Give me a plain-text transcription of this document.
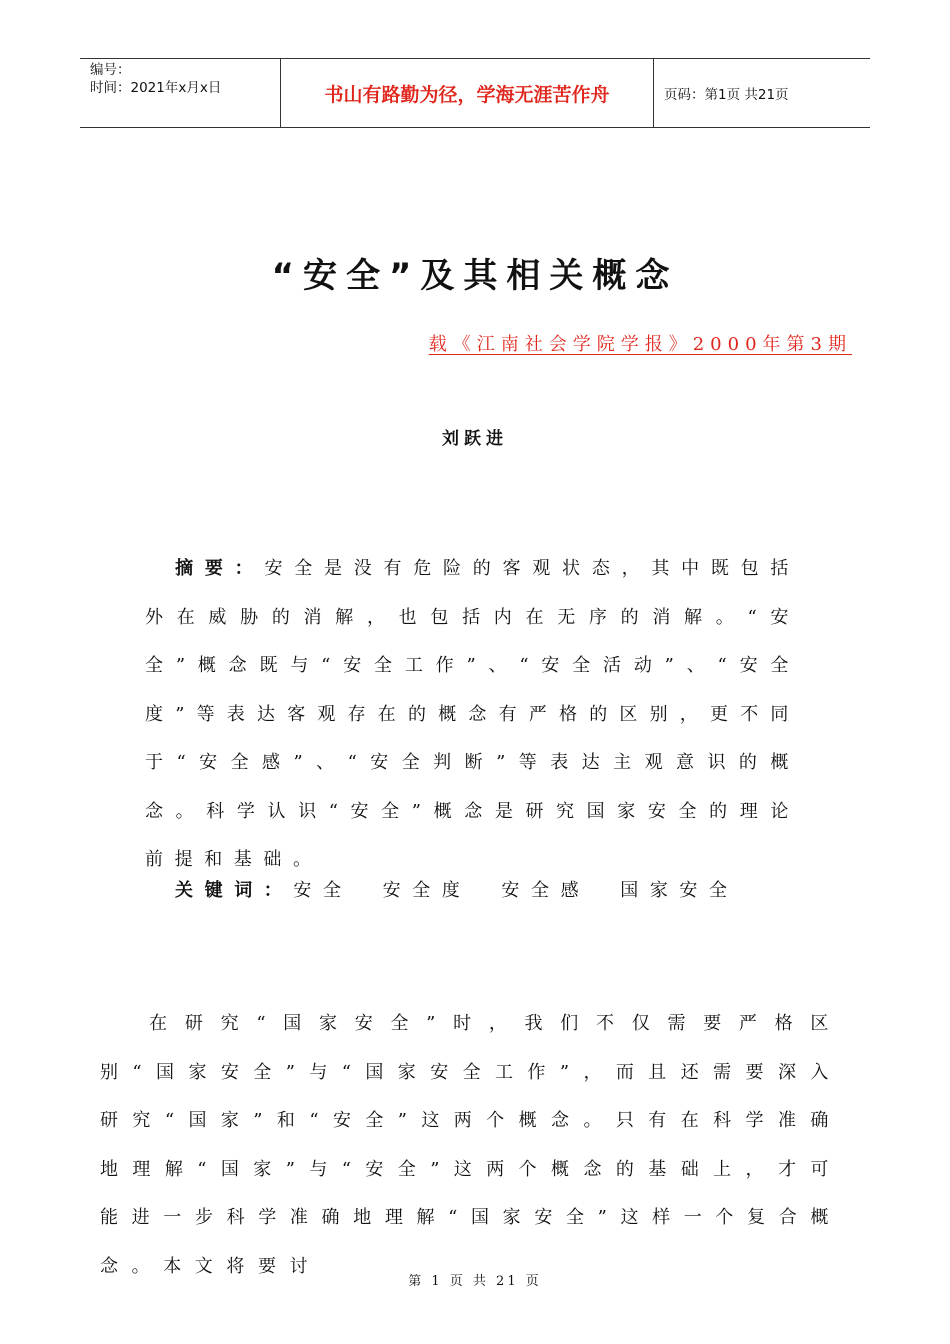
编号：
时间：2021年x月x日	书山有路勤为径，学海无涯苦作舟	页码：第1页 共21页
“安全”及其相关概念
载《江南社会学院学报》2000年第3期
刘跃进
摘要：安全是没有危险的客观状态，其中既包括外在威胁的消解，也包括内在无序的消解。“安全”概念既与“安全工作”、“安全活动”、“安全度”等表达客观存在的概念有严格的区别，更不同于“安全感”、“安全判断”等表达主观意识的概念。科学认识“安全”概念是研究国家安全的理论前提和基础。
关键词：安全 安全度 安全感 国家安全
在研究“国家安全”时，我们不仅需要严格区别“国家安全”与“国家安全工作”，而且还需要深入研究“国家”和“安全”这两个概念。只有在科学准确地理解“国家”与“安全”这两个概念的基础上，才可能进一步科学准确地理解“国家安全”这样一个复合概念。本文将要讨
第 1 页 共 21 页
